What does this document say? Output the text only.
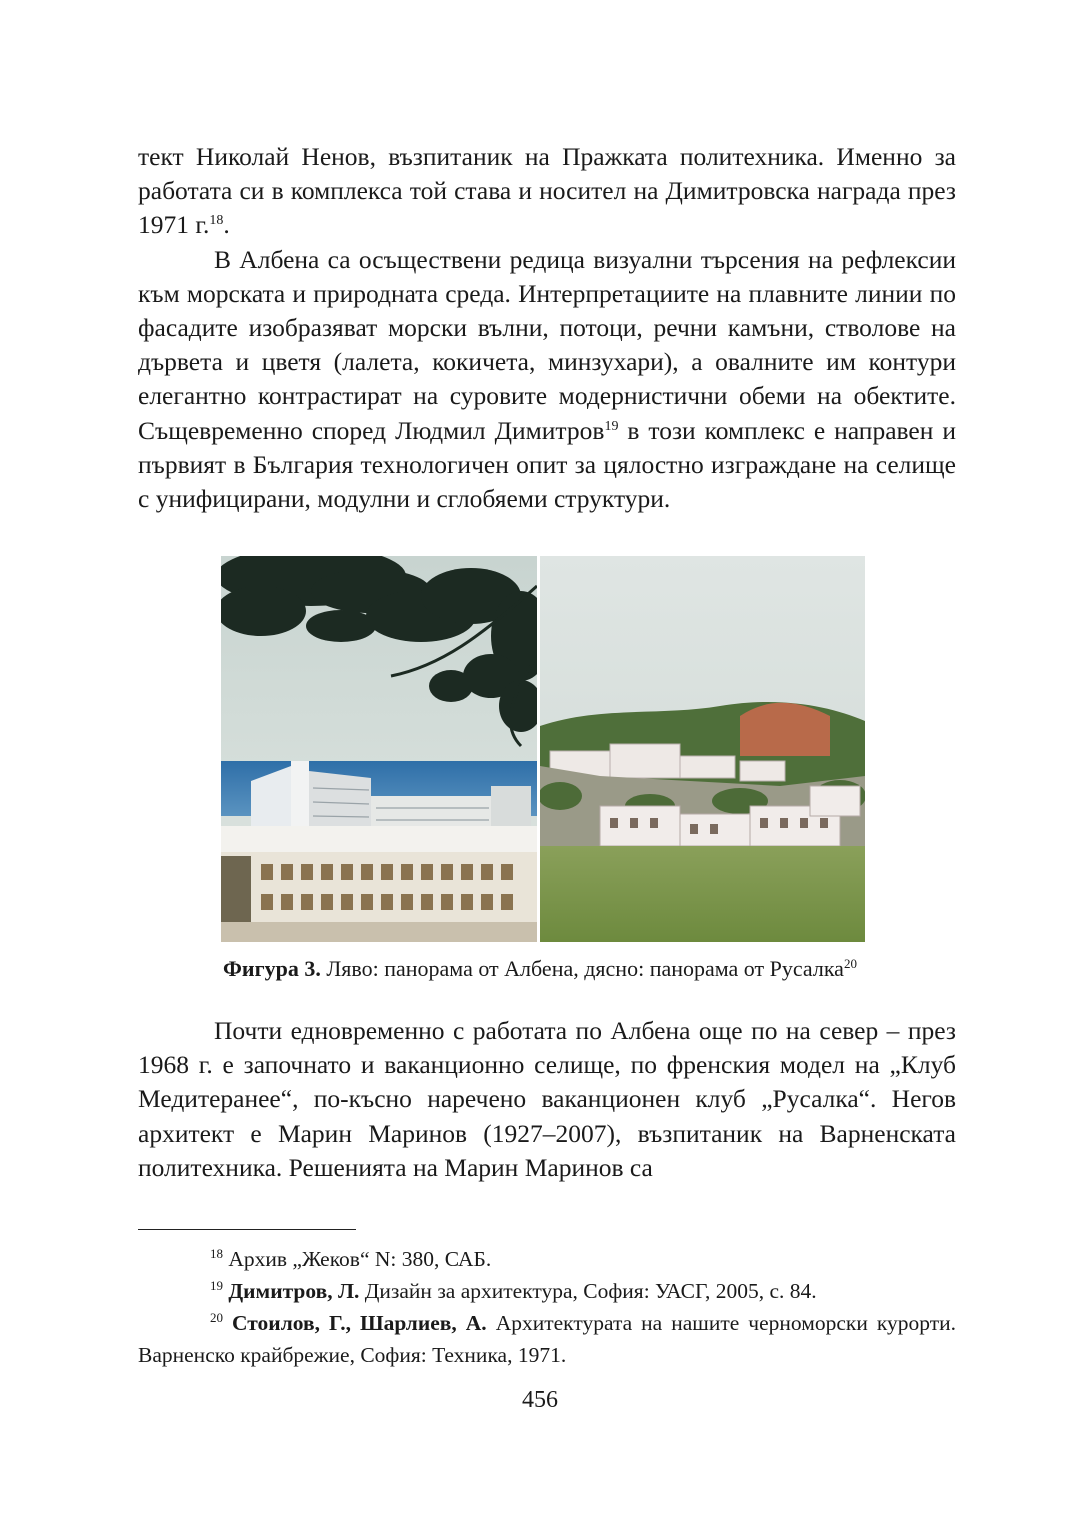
тект Николай Ненов, възпитаник на Пражката политехника. Именно за работата си в комплекса той става и носител на Димитровска награда през 1971 г.$^{18}$.

В Албена са осъществени редица визуални търсения на рефлексии към морската и природната среда. Интерпретациите на плавните линии по фасадите изобразяват морски вълни, потоци, речни камъни, стволове на дървета и цветя (лалета, кокичета, минзухари), а овалните им контури елегантно контрастират на суровите модернистични обеми на обектите. Същевременно според Людмил Димитров$^{19}$ в този комплекс е направен и първият в България технологичен опит за цялостно изграждане на селище с унифицирани, модулни и сглобяеми структури.

Фигура 3. Ляво: панорама от Албена, дясно: панорама от Русалка$^{20}$

Почти едновременно с работата по Албена още по на север – през 1968 г. е започнато и ваканционно селище, по френския модел на „Клуб Медитеранее“, по-късно наречено ваканционен клуб „Русалка“. Негов архитект е Марин Маринов (1927–2007), възпитаник на Варненската политехника. Решенията на Марин Маринов са

$^{18}$ Архив „Жеков“ N: 380, САБ.

$^{19}$ Димитров, Л. Дизайн за архитектура, София: УАСГ, 2005, с. 84.

$^{20}$ Стоилов, Г., Шарлиев, А. Архитектурата на нашите черноморски курорти. Варненско крайбрежие, София: Техника, 1971.

456
